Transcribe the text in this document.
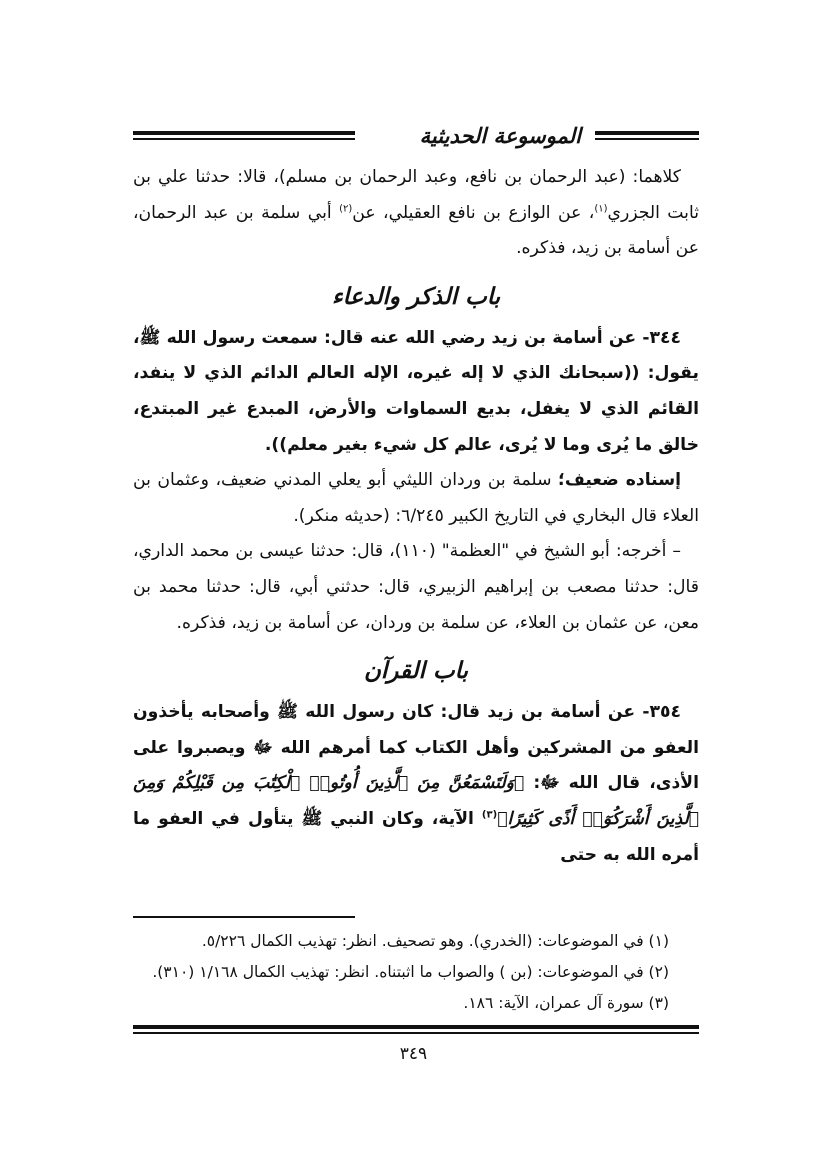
الموسوعة الحديثية

كلاهما: (عبد الرحمان بن نافع، وعبد الرحمان بن مسلم)، قالا: حدثنا علي بن ثابت الجزري$^{(١)}$، عن الوازع بن نافع العقيلي، عن$^{(٢)}$ أبي سلمة بن عبد الرحمان، عن أسامة بن زيد، فذكره.

باب الذكر والدعاء

٣٤٤- عن أسامة بن زيد رضي الله عنه قال: سمعت رسول الله ﷺ، يقول: ((سبحانك الذي لا إله غيره، الإله العالم الدائم الذي لا ينفد، القائم الذي لا يغفل، بديع السماوات والأرض، المبدع غير المبتدع، خالق ما يُرى وما لا يُرى، عالم كل شيء بغير معلم)).

إسناده ضعيف؛ سلمة بن وردان الليثي أبو يعلي المدني ضعيف، وعثمان بن العلاء قال البخاري في التاريخ الكبير ٦/٢٤٥: (حديثه منكر).

– أخرجه: أبو الشيخ في "العظمة" (١١٠)، قال: حدثنا عيسى بن محمد الداري، قال: حدثنا مصعب بن إبراهيم الزبيري، قال: حدثني أبي، قال: حدثنا محمد بن معن، عن عثمان بن العلاء، عن سلمة بن وردان، عن أسامة بن زيد، فذكره.

باب القرآن

٣٥٤- عن أسامة بن زيد قال: كان رسول الله ﷺ وأصحابه يأخذون العفو من المشركين وأهل الكتاب كما أمرهم الله ﷻ ويصبروا على الأذى، قال الله ﷻ: ﴿وَلَتَسْمَعُنَّ مِنَ ٱلَّذِينَ أُوتُوا۟ ٱلْكِتَٰبَ مِن قَبْلِكُمْ وَمِنَ ٱلَّذِينَ أَشْرَكُوٓا۟ أَذًى كَثِيرًا﴾$^{(٣)}$ الآية، وكان النبي ﷺ يتأول في العفو ما أمره الله به حتى

(١) في الموضوعات: (الخدري). وهو تصحيف. انظر: تهذيب الكمال ٥/٢٢٦.

(٢) في الموضوعات: (بن ) والصواب ما اثبتناه. انظر: تهذيب الكمال ١/١٦٨ (٣١٠).

(٣) سورة آل عمران، الآية: ١٨٦.

٣٤٩
